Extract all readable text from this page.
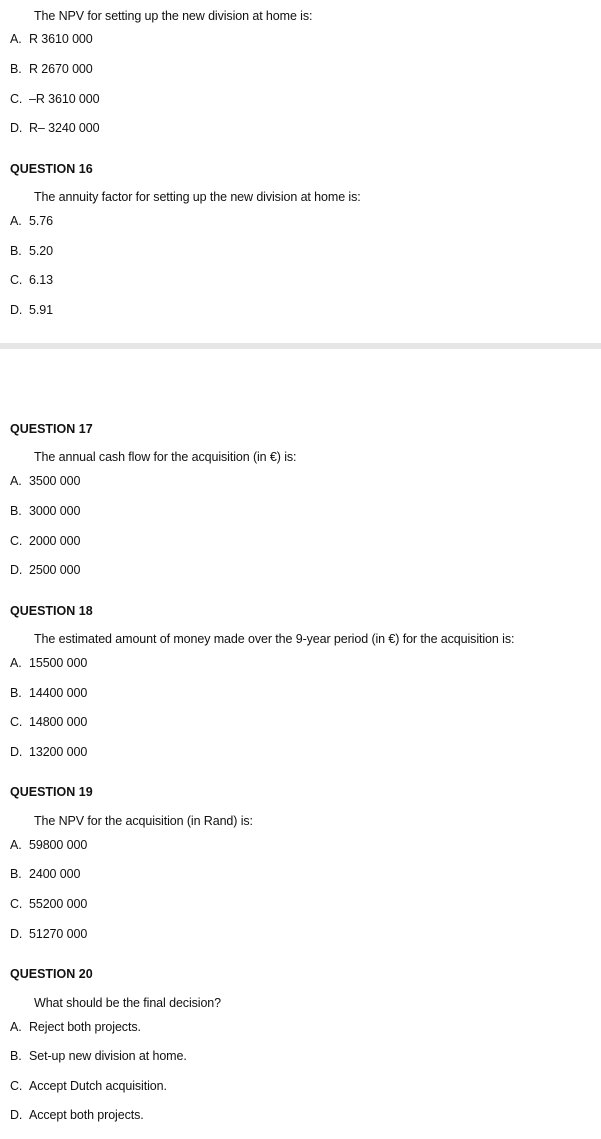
The NPV for setting up the new division at home is:
A. R 3610 000
B. R 2670 000
C. –R 3610 000
D. R– 3240 000
QUESTION 16
The annuity factor for setting up the new division at home is:
A. 5.76
B. 5.20
C. 6.13
D. 5.91
QUESTION 17
The annual cash flow for the acquisition (in €) is:
A. 3500 000
B. 3000 000
C. 2000 000
D. 2500 000
QUESTION 18
The estimated amount of money made over the 9-year period (in €) for the acquisition is:
A. 15500 000
B. 14400 000
C. 14800 000
D. 13200 000
QUESTION 19
The NPV for the acquisition (in Rand) is:
A. 59800 000
B. 2400 000
C. 55200 000
D. 51270 000
QUESTION 20
What should be the final decision?
A. Reject both projects.
B. Set-up new division at home.
C. Accept Dutch acquisition.
D. Accept both projects.
